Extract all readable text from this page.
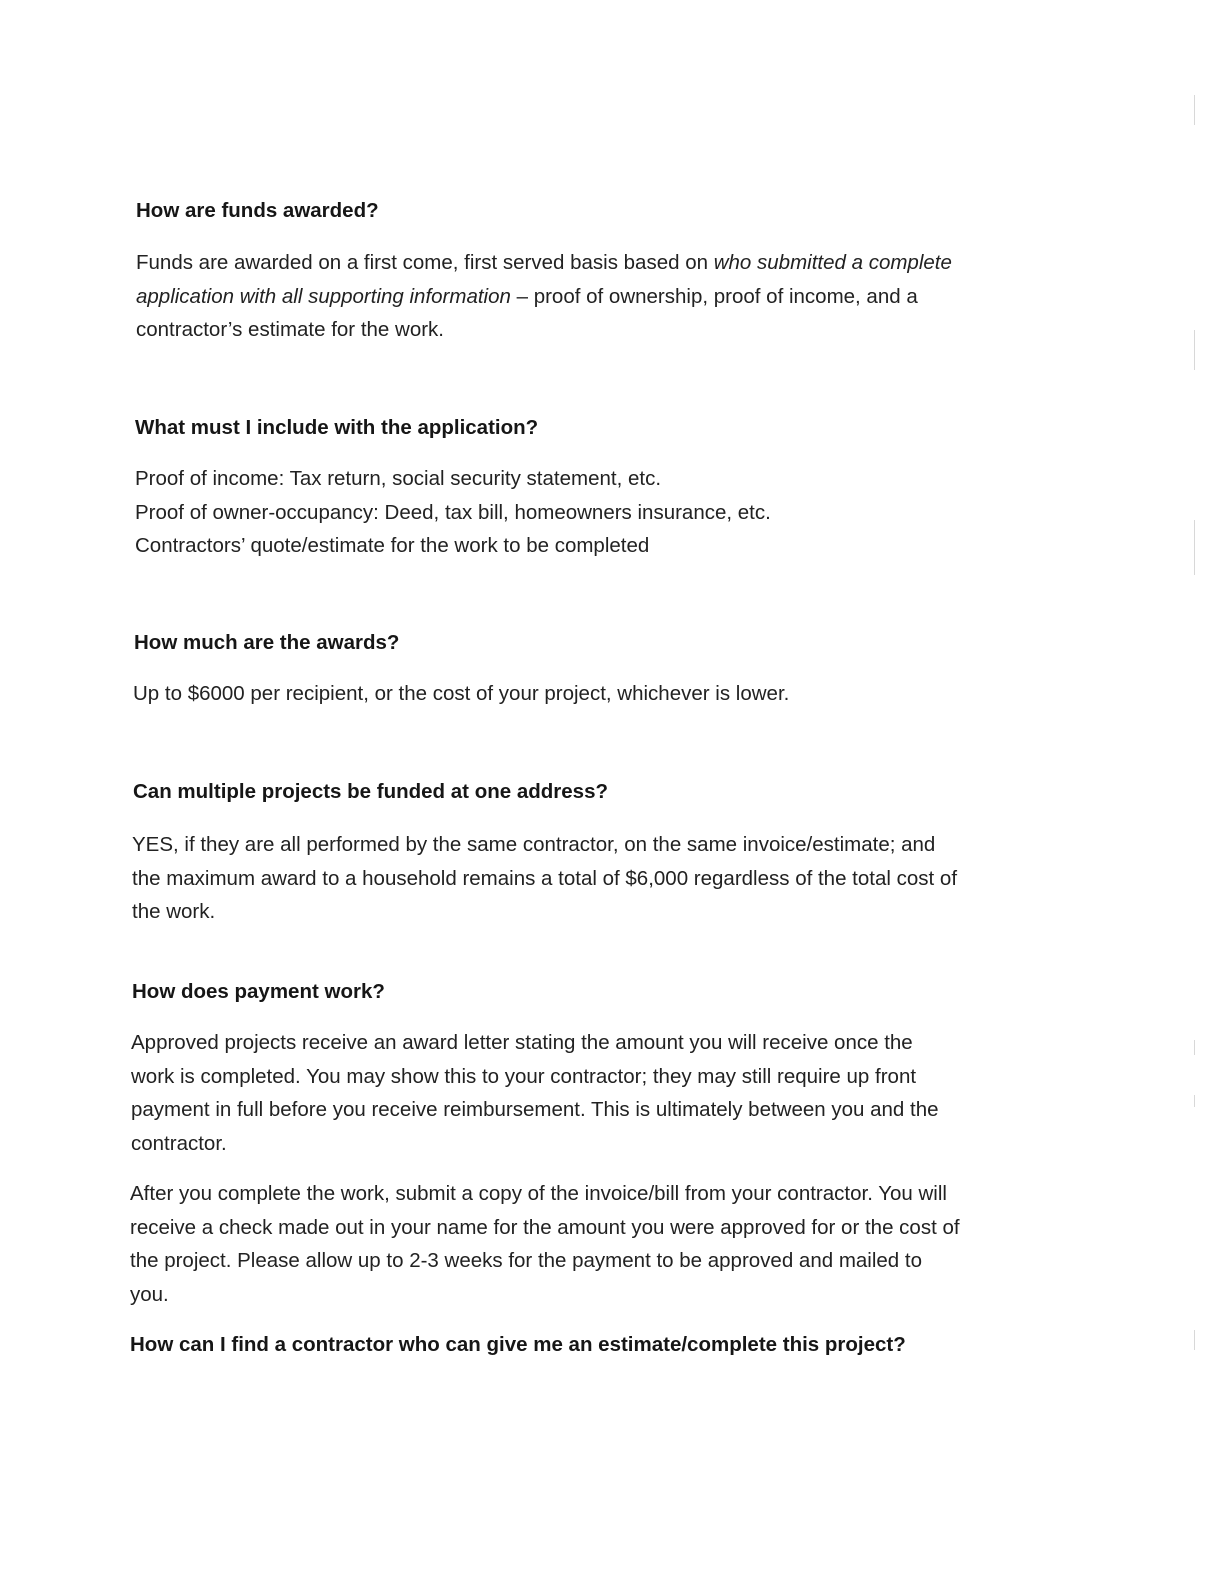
How are funds awarded?
Funds are awarded on a first come, first served basis based on who submitted a complete
application with all supporting information – proof of ownership, proof of income, and a
contractor’s estimate for the work.
What must I include with the application?
Proof of income: Tax return, social security statement, etc.
Proof of owner-occupancy: Deed, tax bill, homeowners insurance, etc.
Contractors’ quote/estimate for the work to be completed
How much are the awards?
Up to $6000 per recipient, or the cost of your project, whichever is lower.
Can multiple projects be funded at one address?
YES, if they are all performed by the same contractor, on the same invoice/estimate; and
the maximum award to a household remains a total of $6,000 regardless of the total cost of
the work.
How does payment work?
Approved projects receive an award letter stating the amount you will receive once the
work is completed. You may show this to your contractor; they may still require up front
payment in full before you receive reimbursement. This is ultimately between you and the
contractor.
After you complete the work, submit a copy of the invoice/bill from your contractor. You will
receive a check made out in your name for the amount you were approved for or the cost of
the project. Please allow up to 2-3 weeks for the payment to be approved and mailed to
you.
How can I find a contractor who can give me an estimate/complete this project?
